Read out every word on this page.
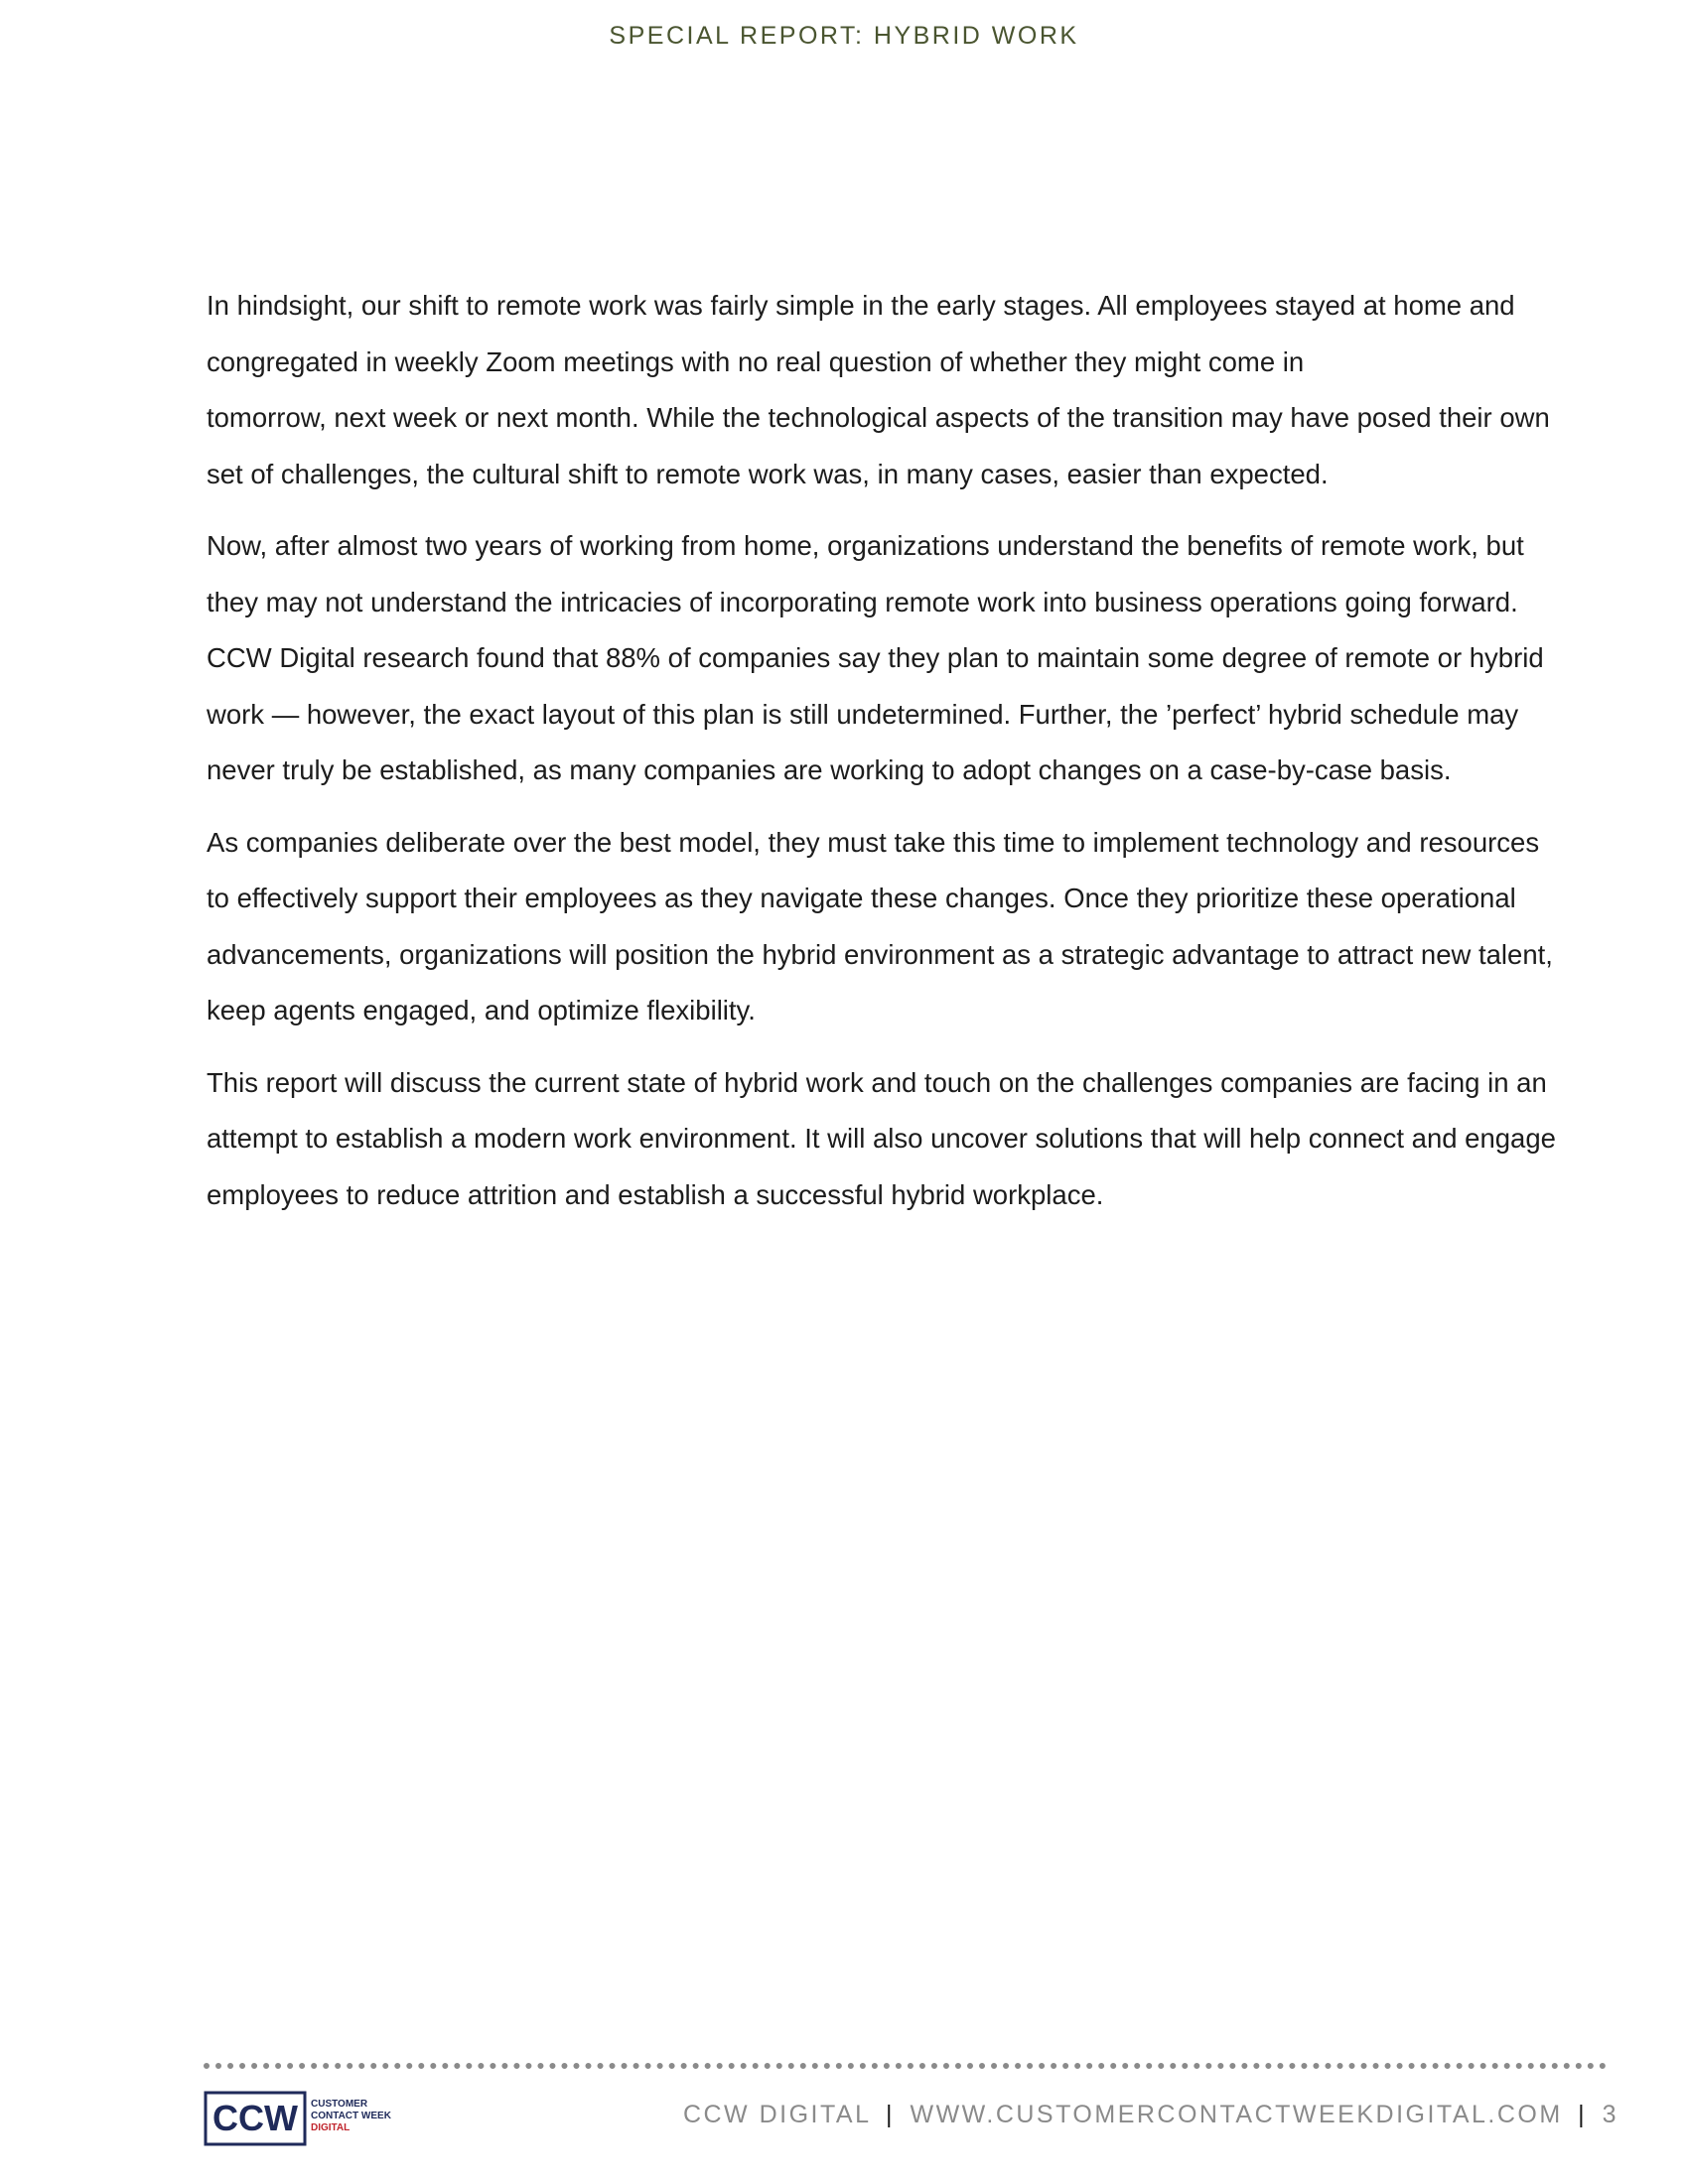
SPECIAL REPORT: HYBRID WORK

In hindsight, our shift to remote work was fairly simple in the early stages. All employees stayed at home and
congregated in weekly Zoom meetings with no real question of whether they might come in
tomorrow, next week or next month. While the technological aspects of the transition may have posed their own
set of challenges, the cultural shift to remote work was, in many cases, easier than expected.

Now, after almost two years of working from home, organizations understand the benefits of remote work, but
they may not understand the intricacies of incorporating remote work into business operations going forward.
CCW Digital research found that 88% of companies say they plan to maintain some degree of remote or hybrid
work — however, the exact layout of this plan is still undetermined. Further, the ’perfect’ hybrid schedule may
never truly be established, as many companies are working to adopt changes on a case-by-case basis.

As companies deliberate over the best model, they must take this time to implement technology and resources
to effectively support their employees as they navigate these changes. Once they prioritize these operational
advancements, organizations will position the hybrid environment as a strategic advantage to attract new talent,
keep agents engaged, and optimize flexibility.

This report will discuss the current state of hybrid work and touch on the challenges companies are facing in an
attempt to establish a modern work environment. It will also uncover solutions that will help connect and engage
employees to reduce attrition and establish a successful hybrid workplace.

CCW CUSTOMER
CONTACT WEEK
DIGITAL	CCW DIGITAL | WWW.CUSTOMERCONTACTWEEKDIGITAL.COM | 3
